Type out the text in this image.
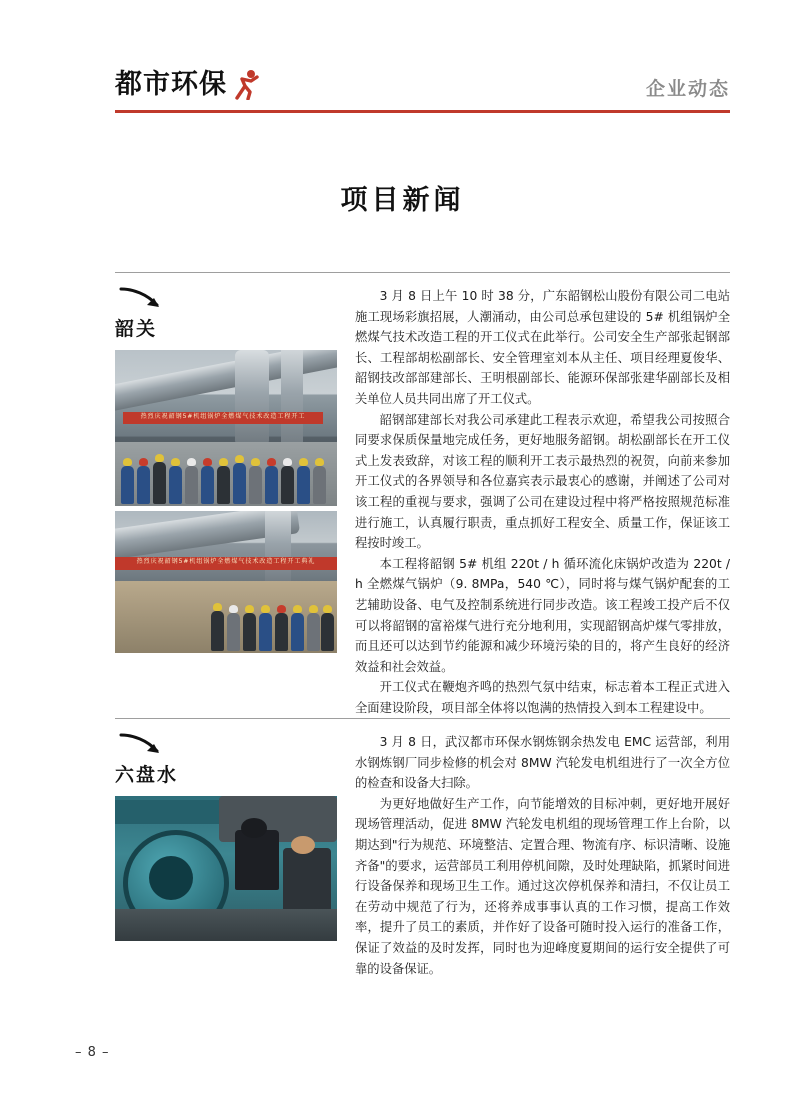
都市环保	企业动态
项目新闻
韶关
热烈庆祝韶钢5#机组锅炉全燃煤气技术改造工程开工
热烈庆祝韶钢5#机组锅炉全燃煤气技术改造工程开工典礼

3 月 8 日上午 10 时 38 分，广东韶钢松山股份有限公司二电站施工现场彩旗招展，人潮涌动，由公司总承包建设的 5# 机组锅炉全燃煤气技术改造工程的开工仪式在此举行。公司安全生产部张起钢部长、工程部胡松副部长、安全管理室刘本从主任、项目经理夏俊华、韶钢技改部部建部长、王明根副部长、能源环保部张建华副部长及相关单位人员共同出席了开工仪式。

韶钢部建部长对我公司承建此工程表示欢迎，希望我公司按照合同要求保质保量地完成任务，更好地服务韶钢。胡松副部长在开工仪式上发表致辞，对该工程的顺利开工表示最热烈的祝贺，向前来参加开工仪式的各界领导和各位嘉宾表示最衷心的感谢，并阐述了公司对该工程的重视与要求，强调了公司在建设过程中将严格按照规范标准进行施工，认真履行职责，重点抓好工程安全、质量工作，保证该工程按时竣工。

本工程将韶钢 5# 机组 220t / h 循环流化床锅炉改造为 220t / h 全燃煤气锅炉（9. 8MPa，540 ℃），同时将与煤气锅炉配套的工艺辅助设备、电气及控制系统进行同步改造。该工程竣工投产后不仅可以将韶钢的富裕煤气进行充分地利用，实现韶钢高炉煤气零排放，而且还可以达到节约能源和减少环境污染的目的，将产生良好的经济效益和社会效益。

开工仪式在鞭炮齐鸣的热烈气氛中结束，标志着本工程正式进入全面建设阶段，项目部全体将以饱满的热情投入到本工程建设中。

六盘水

3 月 8 日，武汉都市环保水钢炼钢余热发电 EMC 运营部，利用水钢炼钢厂同步检修的机会对 8MW 汽轮发电机组进行了一次全方位的检查和设备大扫除。

为更好地做好生产工作，向节能增效的目标冲刺，更好地开展好现场管理活动，促进 8MW 汽轮发电机组的现场管理工作上台阶，以期达到"行为规范、环境整洁、定置合理、物流有序、标识清晰、设施齐备"的要求，运营部员工利用停机间隙，及时处理缺陷，抓紧时间进行设备保养和现场卫生工作。通过这次停机保养和清扫，不仅让员工在劳动中规范了行为，还将养成事事认真的工作习惯，提高工作效率，提升了员工的素质，并作好了设备可随时投入运行的准备工作，保证了效益的及时发挥，同时也为迎峰度夏期间的运行安全提供了可靠的设备保证。

– 8 –
